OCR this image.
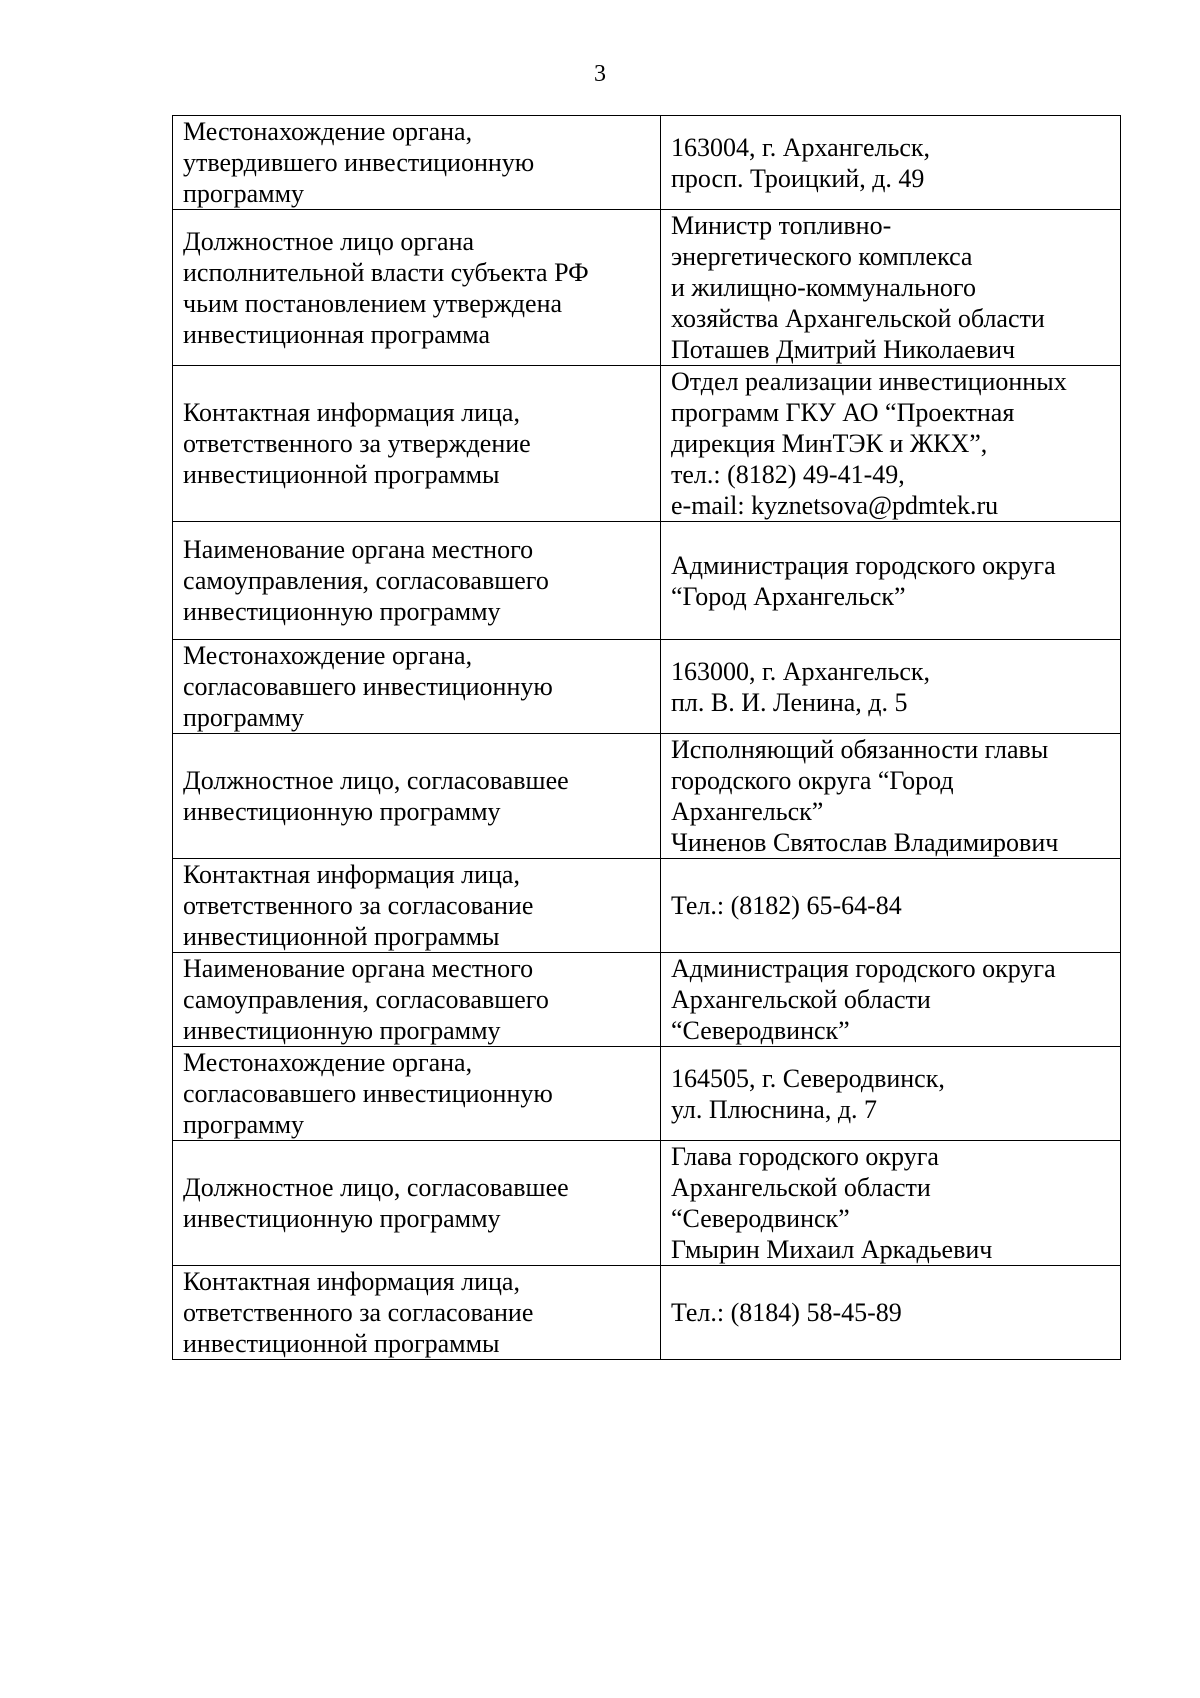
3
Местонахождение органа,
утвердившего инвестиционную
программу	163004, г. Архангельск,
просп. Троицкий, д. 49
Должностное лицо органа
исполнительной власти субъекта РФ
чьим постановлением утверждена
инвестиционная программа	Министр топливно-
энергетического комплекса
и жилищно-коммунального
хозяйства Архангельской области
Поташев Дмитрий Николаевич
Контактная информация лица,
ответственного за утверждение
инвестиционной программы	Отдел реализации инвестиционных
программ ГКУ АО “Проектная
дирекция МинТЭК и ЖКХ”,
тел.: (8182) 49-41-49,
e-mail: kyznetsova@pdmtek.ru
Наименование органа местного
самоуправления, согласовавшего
инвестиционную программу	Администрация городского округа
“Город Архангельск”
Местонахождение органа,
согласовавшего инвестиционную
программу	163000, г. Архангельск,
пл. В. И. Ленина, д. 5
Должностное лицо, согласовавшее
инвестиционную программу	Исполняющий обязанности главы
городского округа “Город
Архангельск”
Чиненов Святослав Владимирович
Контактная информация лица,
ответственного за согласование
инвестиционной программы	Тел.: (8182) 65-64-84
Наименование органа местного
самоуправления, согласовавшего
инвестиционную программу	Администрация городского округа
Архангельской области
“Северодвинск”
Местонахождение органа,
согласовавшего инвестиционную
программу	164505, г. Северодвинск,
ул. Плюснина, д. 7
Должностное лицо, согласовавшее
инвестиционную программу	Глава городского округа
Архангельской области
“Северодвинск”
Гмырин Михаил Аркадьевич
Контактная информация лица,
ответственного за согласование
инвестиционной программы	Тел.: (8184) 58-45-89
